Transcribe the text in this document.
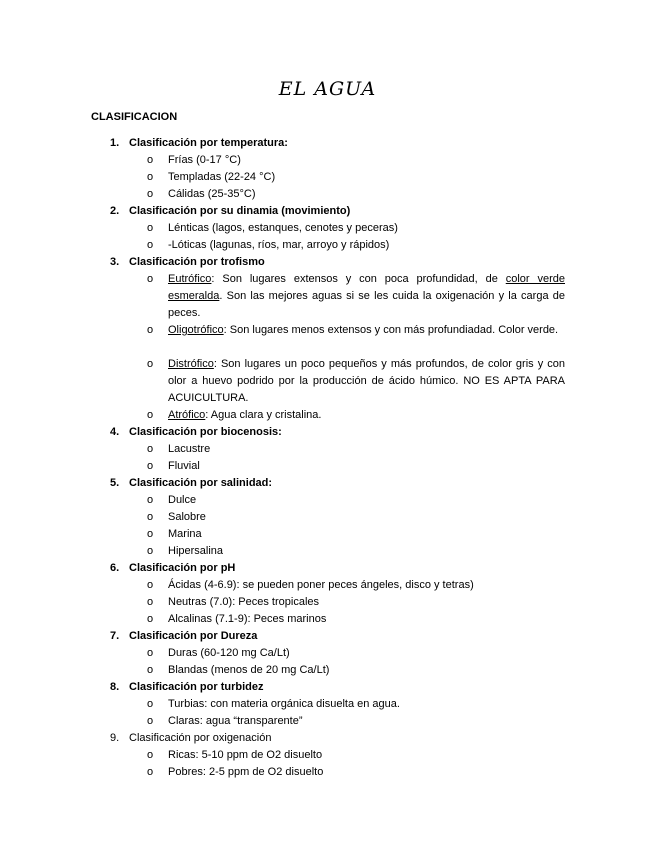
EL AGUA
CLASIFICACION
1. Clasificación por temperatura:
o Frías (0-17 °C)
o Templadas (22-24 °C)
o Cálidas (25-35°C)
2. Clasificación por su dinamia (movimiento)
o Lénticas (lagos, estanques, cenotes y peceras)
o -Lóticas (lagunas, ríos, mar, arroyo y rápidos)
3. Clasificación por trofismo
o Eutrófico: Son lugares extensos y con poca profundidad, de color verde esmeralda. Son las mejores aguas si se les cuida la oxigenación y la carga de peces.
o Oligotrófico: Son lugares menos extensos y con más profundiadad. Color verde.
o Distrófico: Son lugares un poco pequeños y más profundos, de color gris y con olor a huevo podrido por la producción de ácido húmico. NO ES APTA PARA ACUICULTURA.
o Atrófico: Agua clara y cristalina.
4. Clasificación por biocenosis:
o Lacustre
o Fluvial
5. Clasificación por salinidad:
o Dulce
o Salobre
o Marina
o Hipersalina
6. Clasificación por pH
o Ácidas (4-6.9): se pueden poner peces ángeles, disco y tetras)
o Neutras (7.0): Peces tropicales
o Alcalinas (7.1-9): Peces marinos
7. Clasificación por Dureza
o Duras (60-120 mg Ca/Lt)
o Blandas (menos de 20 mg Ca/Lt)
8. Clasificación por turbidez
o Turbias: con materia orgánica disuelta en agua.
o Claras: agua “transparente”
9. Clasificación por oxigenación
o Ricas: 5-10 ppm de O2 disuelto
o Pobres: 2-5 ppm de O2 disuelto
